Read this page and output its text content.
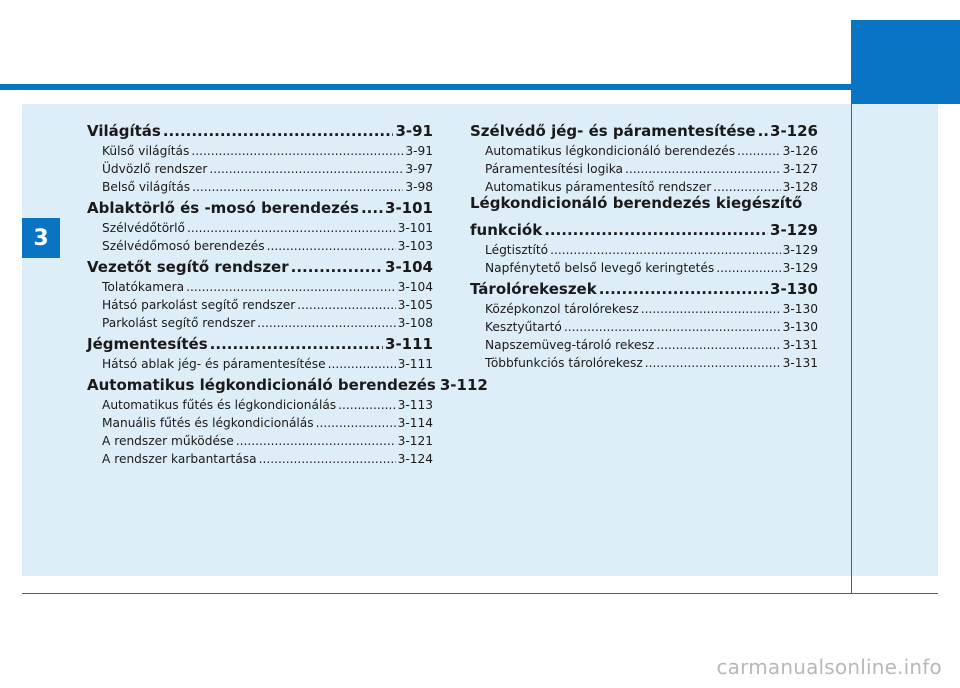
3
Világítás .....	3-91
Külső világítás .....	3-91
Üdvözlő rendszer .....	3-97
Belső világítás .....	3-98
Ablaktörlő és -mosó berendezés ..... 3-101
Szélvédőtörlő .....	3-101
Szélvédőmosó berendezés .....	3-103
Vezetőt segítő rendszer .....	3-104
Tolatókamera .....	3-104
Hátsó parkolást segítő rendszer .....	3-105
Parkolást segítő rendszer .....	3-108
Jégmentesítés .....	3-111
Hátsó ablak jég- és páramentesítése .....	3-111
Automatikus légkondicionáló berendezés 3-112
Automatikus fűtés és légkondicionálás .....	3-113
Manuális fűtés és légkondicionálás .....	3-114
A rendszer működése .....	3-121
A rendszer karbantartása .....	3-124
Szélvédő jég- és páramentesítése ..... 3-126
Automatikus légkondicionáló berendezés .....	3-126
Páramentesítési logika .....	3-127
Automatikus páramentesítő rendszer .....	3-128
Légkondicionáló berendezés kiegészítő
funkciók .....	3-129
Légtisztító .....	3-129
Napfénytető belső levegő keringtetés .....	3-129
Tárolórekeszek .....	3-130
Középkonzol tárolórekesz .....	3-130
Kesztyűtartó .....	3-130
Napszemüveg-tároló rekesz .....	3-131
Többfunkciós tárolórekesz .....	3-131
carmanualsonline.info
